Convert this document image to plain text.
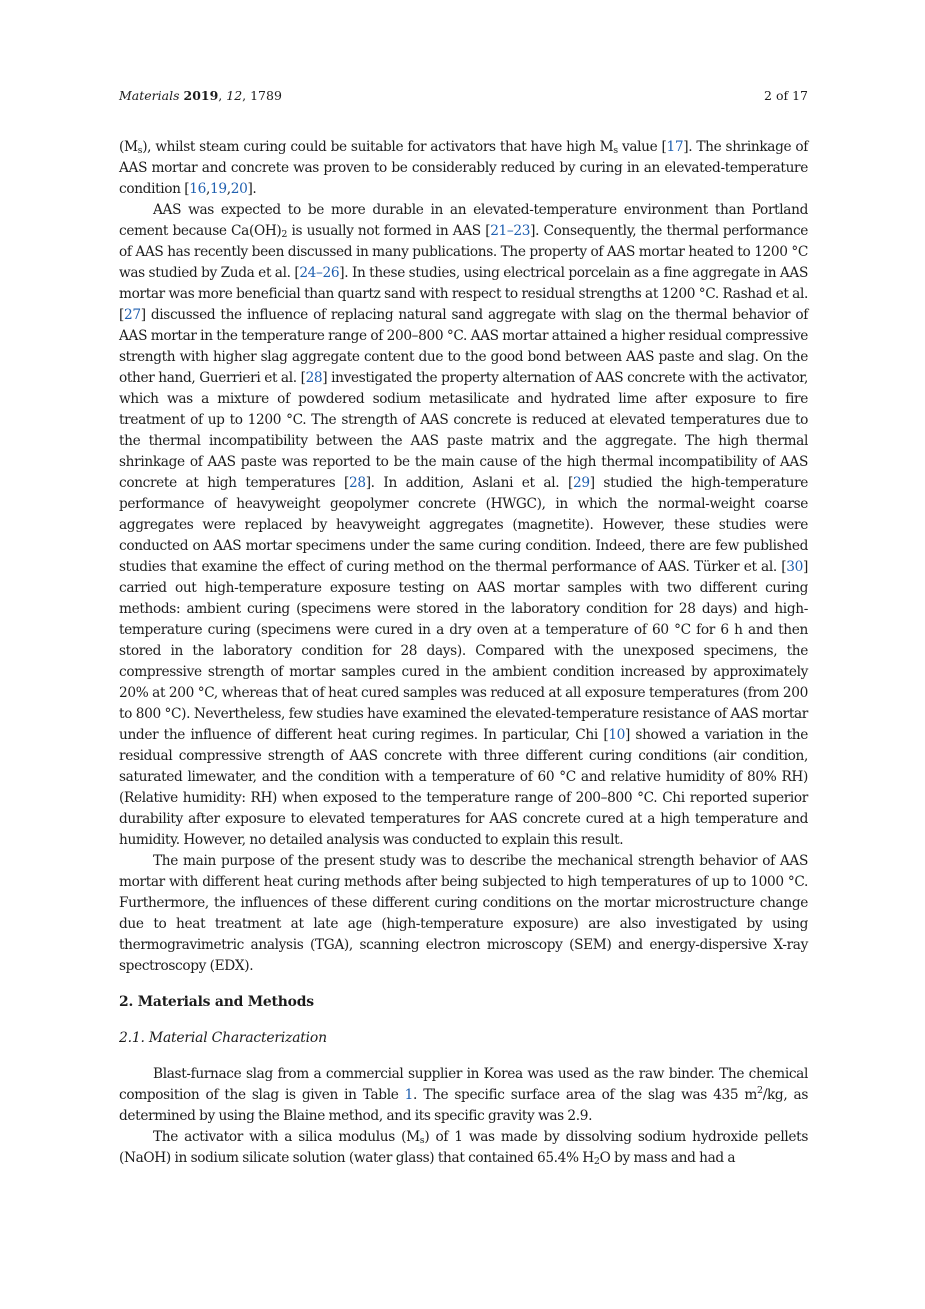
Materials 2019, 12, 1789	2 of 17

$(M_s)$, whilst steam curing could be suitable for activators that have high $M_s$ value [17]. The shrinkage of AAS mortar and concrete was proven to be considerably reduced by curing in an elevated-temperature condition [16,19,20].

AAS was expected to be more durable in an elevated-temperature environment than Portland cement because $Ca(OH)_2$ is usually not formed in AAS [21–23]. Consequently, the thermal performance of AAS has recently been discussed in many publications. The property of AAS mortar heated to 1200 °C was studied by Zuda et al. [24–26]. In these studies, using electrical porcelain as a fine aggregate in AAS mortar was more beneficial than quartz sand with respect to residual strengths at 1200 °C. Rashad et al. [27] discussed the influence of replacing natural sand aggregate with slag on the thermal behavior of AAS mortar in the temperature range of 200–800 °C. AAS mortar attained a higher residual compressive strength with higher slag aggregate content due to the good bond between AAS paste and slag. On the other hand, Guerrieri et al. [28] investigated the property alternation of AAS concrete with the activator, which was a mixture of powdered sodium metasilicate and hydrated lime after exposure to fire treatment of up to 1200 °C. The strength of AAS concrete is reduced at elevated temperatures due to the thermal incompatibility between the AAS paste matrix and the aggregate. The high thermal shrinkage of AAS paste was reported to be the main cause of the high thermal incompatibility of AAS concrete at high temperatures [28]. In addition, Aslani et al. [29] studied the high-temperature performance of heavyweight geopolymer concrete (HWGC), in which the normal-weight coarse aggregates were replaced by heavyweight aggregates (magnetite). However, these studies were conducted on AAS mortar specimens under the same curing condition. Indeed, there are few published studies that examine the effect of curing method on the thermal performance of AAS. Türker et al. [30] carried out high-temperature exposure testing on AAS mortar samples with two different curing methods: ambient curing (specimens were stored in the laboratory condition for 28 days) and high-temperature curing (specimens were cured in a dry oven at a temperature of 60 °C for 6 h and then stored in the laboratory condition for 28 days). Compared with the unexposed specimens, the compressive strength of mortar samples cured in the ambient condition increased by approximately 20% at 200 °C, whereas that of heat cured samples was reduced at all exposure temperatures (from 200 to 800 °C). Nevertheless, few studies have examined the elevated-temperature resistance of AAS mortar under the influence of different heat curing regimes. In particular, Chi [10] showed a variation in the residual compressive strength of AAS concrete with three different curing conditions (air condition, saturated limewater, and the condition with a temperature of 60 °C and relative humidity of 80% RH) (Relative humidity: RH) when exposed to the temperature range of 200–800 °C. Chi reported superior durability after exposure to elevated temperatures for AAS concrete cured at a high temperature and humidity. However, no detailed analysis was conducted to explain this result.

The main purpose of the present study was to describe the mechanical strength behavior of AAS mortar with different heat curing methods after being subjected to high temperatures of up to 1000 °C. Furthermore, the influences of these different curing conditions on the mortar microstructure change due to heat treatment at late age (high-temperature exposure) are also investigated by using thermogravimetric analysis (TGA), scanning electron microscopy (SEM) and energy-dispersive X-ray spectroscopy (EDX).

2. Materials and Methods
2.1. Material Characterization

Blast-furnace slag from a commercial supplier in Korea was used as the raw binder. The chemical composition of the slag is given in Table 1. The specific surface area of the slag was 435 $m^2/kg$, as determined by using the Blaine method, and its specific gravity was 2.9.

The activator with a silica modulus $(M_s)$ of 1 was made by dissolving sodium hydroxide pellets (NaOH) in sodium silicate solution (water glass) that contained 65.4% $H_2O$ by mass and had a
